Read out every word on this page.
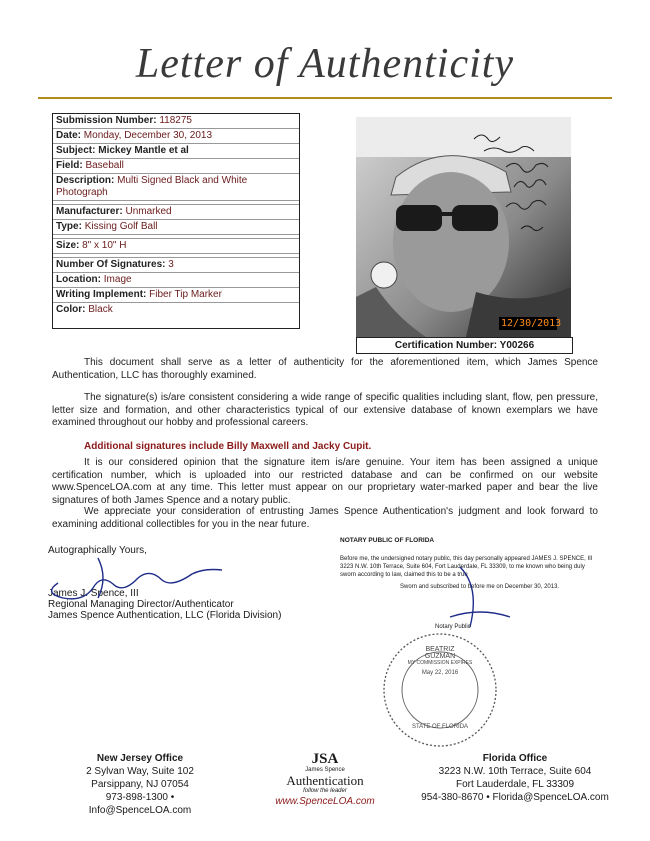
Letter of Authenticity
Submission Number: 118275
Date: Monday, December 30, 2013
Subject: Mickey Mantle et al
Field: Baseball
Description: Multi Signed Black and White Photograph
Manufacturer: Unmarked
Type: Kissing Golf Ball
Size: 8" x 10" H
Number Of Signatures: 3
Location: Image
Writing Implement: Fiber Tip Marker
Color: Black
12/30/2013
Certification Number: Y00266

This document shall serve as a letter of authenticity for the aforementioned item, which James Spence Authentication, LLC has thoroughly examined.

The signature(s) is/are consistent considering a wide range of specific qualities including slant, flow, pen pressure, letter size and formation, and other characteristics typical of our extensive database of known exemplars we have examined throughout our hobby and professional careers.

Additional signatures include Billy Maxwell and Jacky Cupit.

It is our considered opinion that the signature item is/are genuine. Your item has been assigned a unique certification number, which is uploaded into our restricted database and can be confirmed on our website www.SpenceLOA.com at any time. This letter must appear on our proprietary water-marked paper and bear the live signatures of both James Spence and a notary public.

We appreciate your consideration of entrusting James Spence Authentication's judgment and look forward to examining additional collectibles for you in the near future.

Autographically Yours,
James J. Spence, III
Regional Managing Director/Authenticator
James Spence Authentication, LLC (Florida Division)
NOTARY PUBLIC OF FLORIDA
Before me, the undersigned notary public, this day personally appeared JAMES J. SPENCE, III 3223 N.W. 10th Terrace, Suite 604, Fort Lauderdale, FL 33309, to me known who being duly sworn according to law, claimed this to be a true
Sworn and subscribed to before me on December 30, 2013.
Notary Public
BEATRIZ GUZMAN
MY COMMISSION EXPIRES
May 22, 2016
STATE OF FLORIDA
New Jersey Office
2 Sylvan Way, Suite 102
Parsippany, NJ 07054
973-898-1300 • Info@SpenceLOA.com
JSA
James Spence
Authentication
follow the leader
www.SpenceLOA.com
Florida Office
3223 N.W. 10th Terrace, Suite 604
Fort Lauderdale, FL 33309
954-380-8670 • Florida@SpenceLOA.com
